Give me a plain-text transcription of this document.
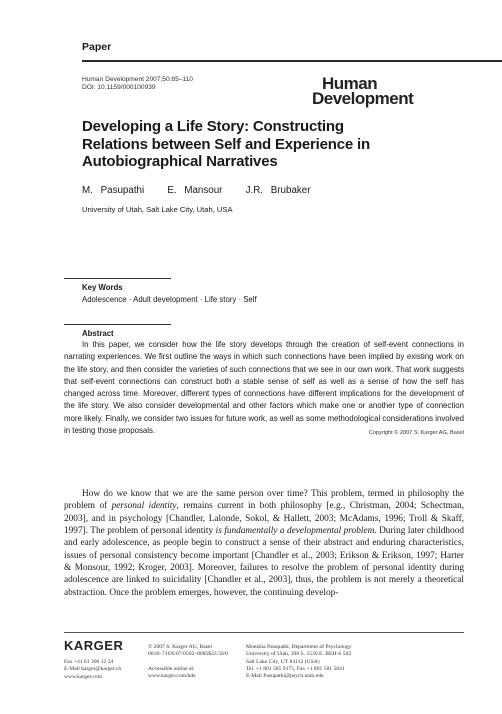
Paper
Human Development 2007;50:85–110
DOI: 10.1159/000100939	Human
Development
Developing a Life Story: Constructing Relations between Self and Experience in Autobiographical Narratives
M. Pasupathi   E. Mansour   J.R. Brubaker
University of Utah, Salt Lake City, Utah, USA
Key Words
Adolescence · Adult development · Life story · Self
Abstract

In this paper, we consider how the life story develops through the creation of self-event connections in narrating experiences. We first outline the ways in which such connections have been implied by existing work on the life story, and then consider the varieties of such connections that we see in our own work. That work suggests that self-event connections can construct both a stable sense of self as well as a sense of how the self has changed across time. Moreover, different types of connections have different implications for the development of the life story. We also consider developmental and other factors which make one or another type of connection more likely. Finally, we consider two issues for future work, as well as some methodological considerations involved in testing those proposals.	Copyright © 2007 S. Karger AG, Basel

How do we know that we are the same person over time? This problem, termed in philosophy the problem of personal identity, remains current in both philosophy [e.g., Christman, 2004; Schectman, 2003], and in psychology [Chandler, Lalonde, Sokol, & Hallett, 2003; McAdams, 1996; Troll & Skaff, 1997]. The problem of personal identity is fundamentally a developmental problem. During later childhood and early adolescence, as people begin to construct a sense of their abstract and enduring characteristics, issues of personal consistency become important [Chandler et al., 2003; Erikson & Erikson, 1997; Harter & Monsour, 1992; Kroger, 2003]. Moreover, failures to resolve the problem of personal identity during adolescence are linked to suicidality [Chandler et al., 2003], thus, the problem is not merely a theoretical abstraction. Once the problem emerges, however, the continuing develop-

KARGER
Fax +41 61 306 12 34
E-Mail karger@karger.ch
www.karger.com
© 2007 S. Karger AG, Basel
0018–716X/07/0502–0085$23.50/0
Accessible online at:
www.karger.com/hde
Monisha Pasupathi, Department of Psychology
University of Utah, 390 S. 1530 E. BEH-S 502
Salt Lake City, UT 84112 (USA)
Tel. +1 801 585 9175, Fax +1 801 581 5841
E-Mail Pasupathi@psych.utah.edu
